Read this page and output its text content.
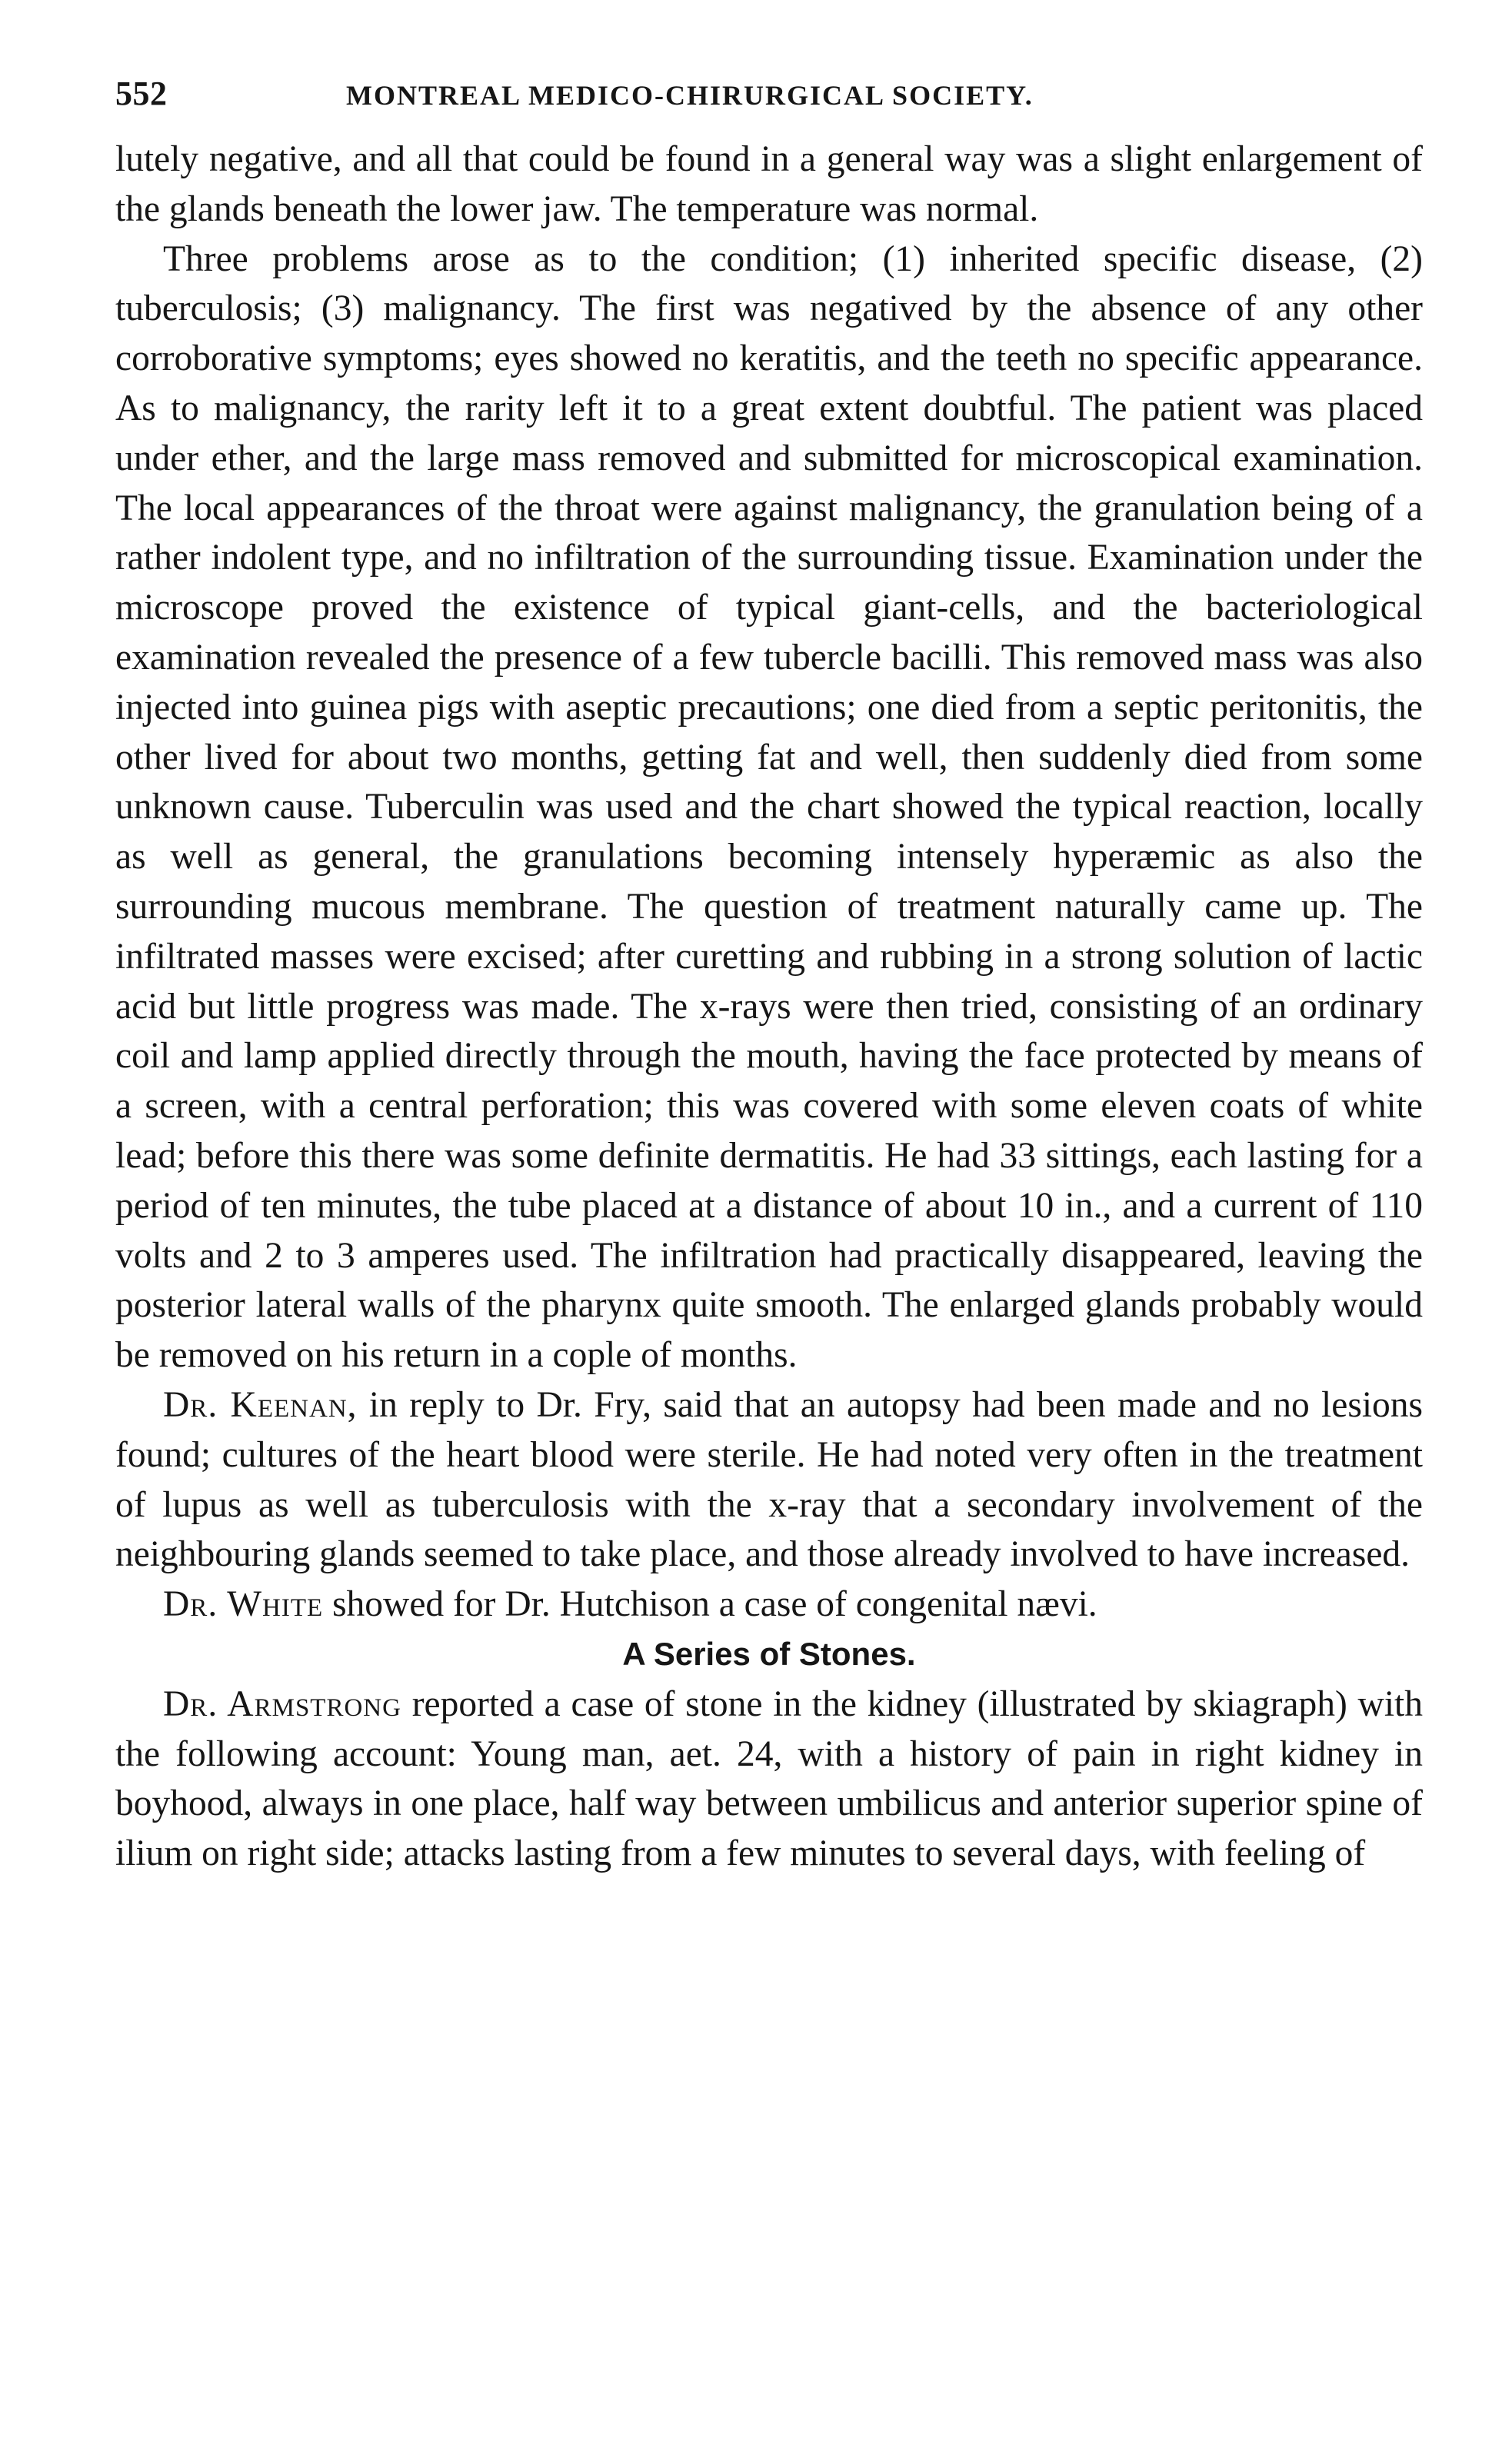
552	MONTREAL MEDICO-CHIRURGICAL SOCIETY.

lutely negative, and all that could be found in a general way was a slight enlargement of the glands beneath the lower jaw. The temperature was normal.

Three problems arose as to the condition; (1) inherited specific disease, (2) tuberculosis; (3) malignancy. The first was negatived by the absence of any other corroborative symptoms; eyes showed no keratitis, and the teeth no specific appearance. As to malignancy, the rarity left it to a great extent doubtful. The patient was placed under ether, and the large mass removed and submitted for microscopical examination. The local appearances of the throat were against malignancy, the granulation being of a rather indolent type, and no infiltration of the surrounding tissue. Examination under the microscope proved the existence of typical giant-cells, and the bacteriological examination revealed the presence of a few tubercle bacilli. This removed mass was also injected into guinea pigs with aseptic precautions; one died from a septic peritonitis, the other lived for about two months, getting fat and well, then suddenly died from some unknown cause. Tuberculin was used and the chart showed the typical reaction, locally as well as general, the granulations becoming intensely hyperæmic as also the surrounding mucous membrane. The question of treatment naturally came up. The infiltrated masses were excised; after curetting and rubbing in a strong solution of lactic acid but little progress was made. The x-rays were then tried, consisting of an ordinary coil and lamp applied directly through the mouth, having the face protected by means of a screen, with a central perforation; this was covered with some eleven coats of white lead; before this there was some definite dermatitis. He had 33 sittings, each lasting for a period of ten minutes, the tube placed at a distance of about 10 in., and a current of 110 volts and 2 to 3 amperes used. The infiltration had practically disappeared, leaving the posterior lateral walls of the pharynx quite smooth. The enlarged glands probably would be removed on his return in a cople of months.

Dr. Keenan, in reply to Dr. Fry, said that an autopsy had been made and no lesions found; cultures of the heart blood were sterile. He had noted very often in the treatment of lupus as well as tuberculosis with the x-ray that a secondary involvement of the neighbouring glands seemed to take place, and those already involved to have increased.

Dr. White showed for Dr. Hutchison a case of congenital nævi.

A Series of Stones.

Dr. Armstrong reported a case of stone in the kidney (illustrated by skiagraph) with the following account: Young man, aet. 24, with a history of pain in right kidney in boyhood, always in one place, half way between umbilicus and anterior superior spine of ilium on right side; attacks lasting from a few minutes to several days, with feeling of
